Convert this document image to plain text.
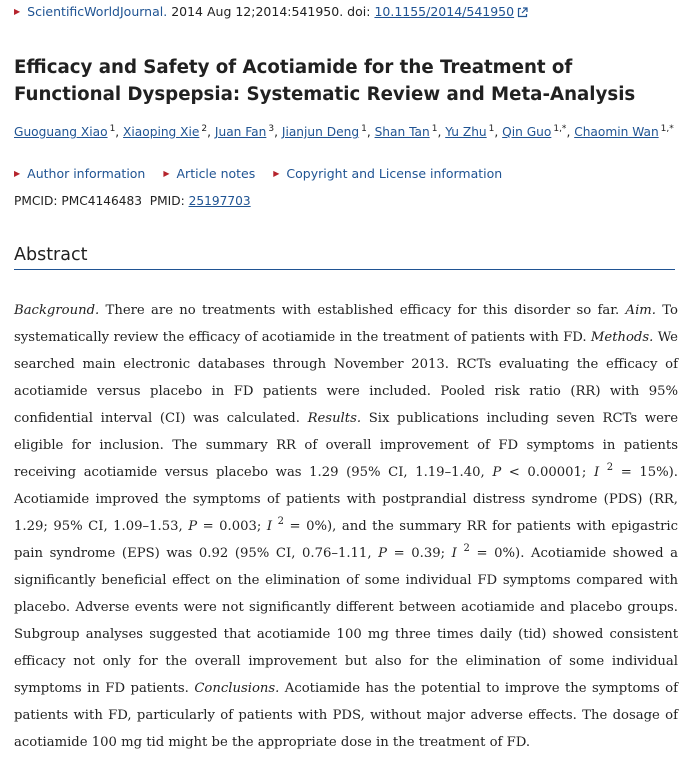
▶ ScientificWorldJournal. 2014 Aug 12;2014:541950. doi: 10.1155/2014/541950
Efficacy and Safety of Acotiamide for the Treatment of Functional Dyspepsia: Systematic Review and Meta-Analysis
Guoguang Xiao $^1$, Xiaoping Xie $^2$, Juan Fan $^3$, Jianjun Deng $^1$, Shan Tan $^1$, Yu Zhu $^1$, Qin Guo $^{1,*}$, Chaomin Wan $^{1,*}$
▶ Author information ▶ Article notes ▶ Copyright and License information
PMCID: PMC4146483 PMID: 25197703
Abstract

Background. There are no treatments with established efficacy for this disorder so far. Aim. To systematically review the efficacy of acotiamide in the treatment of patients with FD. Methods. We searched main electronic databases through November 2013. RCTs evaluating the efficacy of acotiamide versus placebo in FD patients were included. Pooled risk ratio (RR) with 95% confidential interval (CI) was calculated. Results. Six publications including seven RCTs were eligible for inclusion. The summary RR of overall improvement of FD symptoms in patients receiving acotiamide versus placebo was 1.29 (95% CI, 1.19–1.40, P < 0.00001; I $^2$ = 15%). Acotiamide improved the symptoms of patients with postprandial distress syndrome (PDS) (RR, 1.29; 95% CI, 1.09–1.53, P = 0.003; I $^2$ = 0%), and the summary RR for patients with epigastric pain syndrome (EPS) was 0.92 (95% CI, 0.76–1.11, P = 0.39; I $^2$ = 0%). Acotiamide showed a significantly beneficial effect on the elimination of some individual FD symptoms compared with placebo. Adverse events were not significantly different between acotiamide and placebo groups. Subgroup analyses suggested that acotiamide 100 mg three times daily (tid) showed consistent efficacy not only for the overall improvement but also for the elimination of some individual symptoms in FD patients. Conclusions. Acotiamide has the potential to improve the symptoms of patients with FD, particularly of patients with PDS, without major adverse effects. The dosage of acotiamide 100 mg tid might be the appropriate dose in the treatment of FD.
